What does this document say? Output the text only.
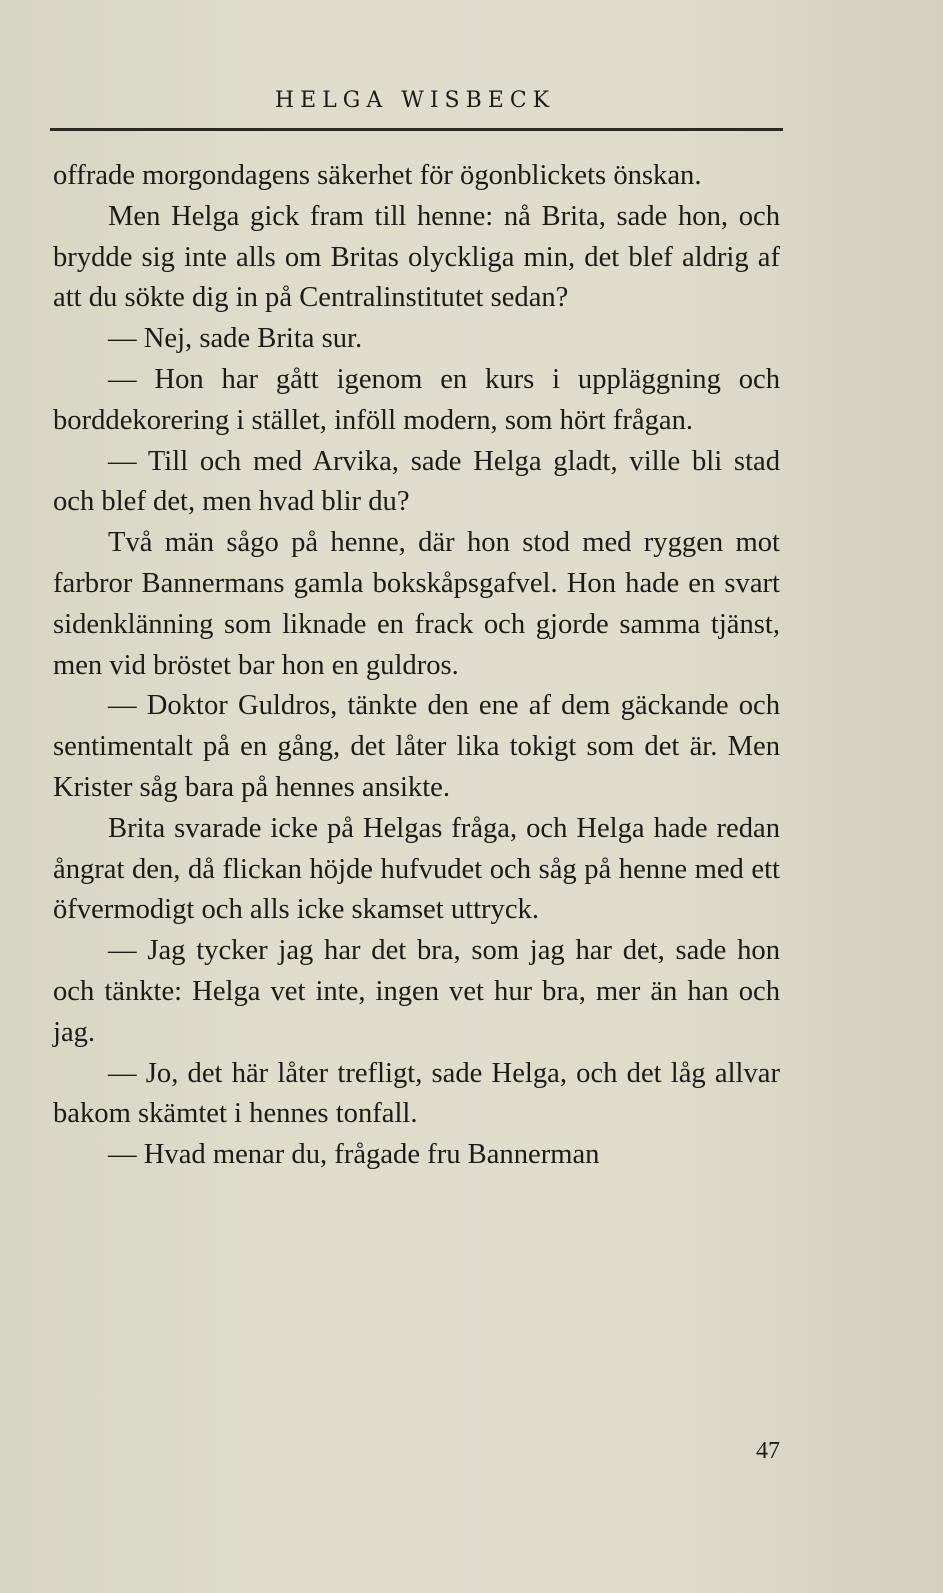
HELGA WISBECK

offrade morgondagens säkerhet för ögonblickets önskan.

Men Helga gick fram till henne: nå Brita, sade hon, och brydde sig inte alls om Britas olyckliga min, det blef aldrig af att du sökte dig in på Centralinstitutet sedan?

— Nej, sade Brita sur.

— Hon har gått igenom en kurs i uppläggning och borddekorering i stället, inföll modern, som hört frågan.

— Till och med Arvika, sade Helga gladt, ville bli stad och blef det, men hvad blir du?

Två män sågo på henne, där hon stod med ryggen mot farbror Bannermans gamla bokskåpsgafvel. Hon hade en svart sidenklänning som liknade en frack och gjorde samma tjänst, men vid bröstet bar hon en guldros.

— Doktor Guldros, tänkte den ene af dem gäckande och sentimentalt på en gång, det låter lika tokigt som det är. Men Krister såg bara på hennes ansikte.

Brita svarade icke på Helgas fråga, och Helga hade redan ångrat den, då flickan höjde hufvudet och såg på henne med ett öfvermodigt och alls icke skamset uttryck.

— Jag tycker jag har det bra, som jag har det, sade hon och tänkte: Helga vet inte, ingen vet hur bra, mer än han och jag.

— Jo, det här låter trefligt, sade Helga, och det låg allvar bakom skämtet i hennes tonfall.

— Hvad menar du, frågade fru Bannerman

47
